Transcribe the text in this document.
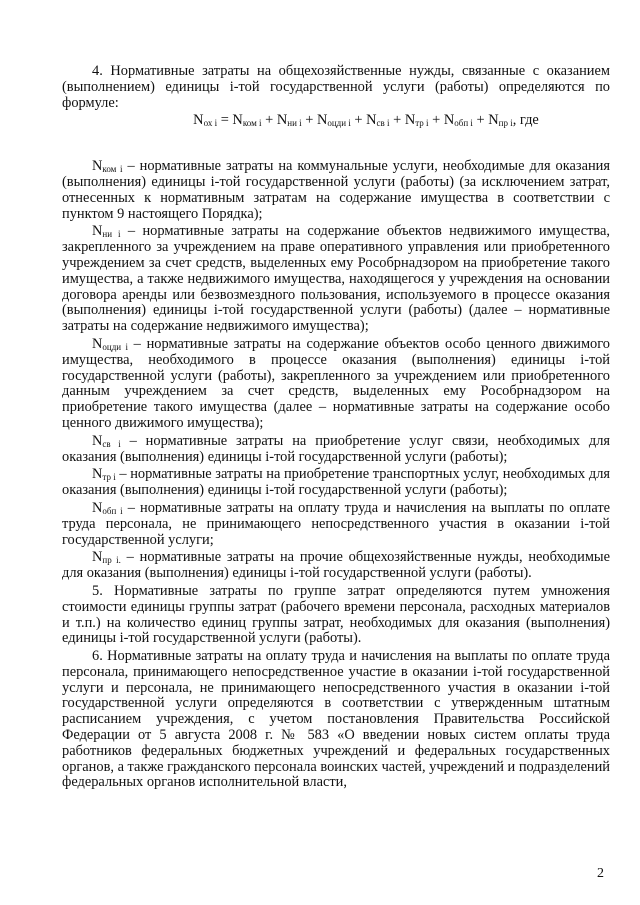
4. Нормативные затраты на общехозяйственные нужды, связанные с оказанием (выполнением) единицы i-той государственной услуги (работы) определяются по формуле:

$N_{ох i} = N_{ком i} + N_{ни i} + N_{оцди i} + N_{св i} + N_{тр i} + N_{обп i} + N_{пр i}$, где

$N_{ком i}$ – нормативные затраты на коммунальные услуги, необходимые для оказания (выполнения) единицы i-той государственной услуги (работы) (за исключением затрат, отнесенных к нормативным затратам на содержание имущества в соответствии с пунктом 9 настоящего Порядка);

$N_{ни i}$ – нормативные затраты на содержание объектов недвижимого имущества, закрепленного за учреждением на праве оперативного управления или приобретенного учреждением за счет средств, выделенных ему Рособрнадзором на приобретение такого имущества, а также недвижимого имущества, находящегося у учреждения на основании договора аренды или безвозмездного пользования, используемого в процессе оказания (выполнения) единицы i-той государственной услуги (работы) (далее – нормативные затраты на содержание недвижимого имущества);

$N_{оцди i}$ – нормативные затраты на содержание объектов особо ценного движимого имущества, необходимого в процессе оказания (выполнения) единицы i-той государственной услуги (работы), закрепленного за учреждением или приобретенного данным учреждением за счет средств, выделенных ему Рособрнадзором на приобретение такого имущества (далее – нормативные затраты на содержание особо ценного движимого имущества);

$N_{св i}$ – нормативные затраты на приобретение услуг связи, необходимых для оказания (выполнения) единицы i-той государственной услуги (работы);

$N_{тр i}$ – нормативные затраты на приобретение транспортных услуг, необходимых для оказания (выполнения) единицы i-той государственной услуги (работы);

$N_{обп i}$ – нормативные затраты на оплату труда и начисления на выплаты по оплате труда персонала, не принимающего непосредственного участия в оказании i-той государственной услуги;

$N_{пр i.}$ – нормативные затраты на прочие общехозяйственные нужды, необходимые для оказания (выполнения) единицы i-той государственной услуги (работы).

5. Нормативные затраты по группе затрат определяются путем умножения стоимости единицы группы затрат (рабочего времени персонала, расходных материалов и т.п.) на количество единиц группы затрат, необходимых для оказания (выполнения) единицы i-той государственной услуги (работы).

6. Нормативные затраты на оплату труда и начисления на выплаты по оплате труда персонала, принимающего непосредственное участие в оказании i-той государственной услуги и персонала, не принимающего непосредственного участия в оказании i-той государственной услуги определяются в соответствии с утвержденным штатным расписанием учреждения, с учетом постановления Правительства Российской Федерации от 5 августа 2008 г. № 583 «О введении новых систем оплаты труда работников федеральных бюджетных учреждений и федеральных государственных органов, а также гражданского персонала воинских частей, учреждений и подразделений федеральных органов исполнительной власти,

2
